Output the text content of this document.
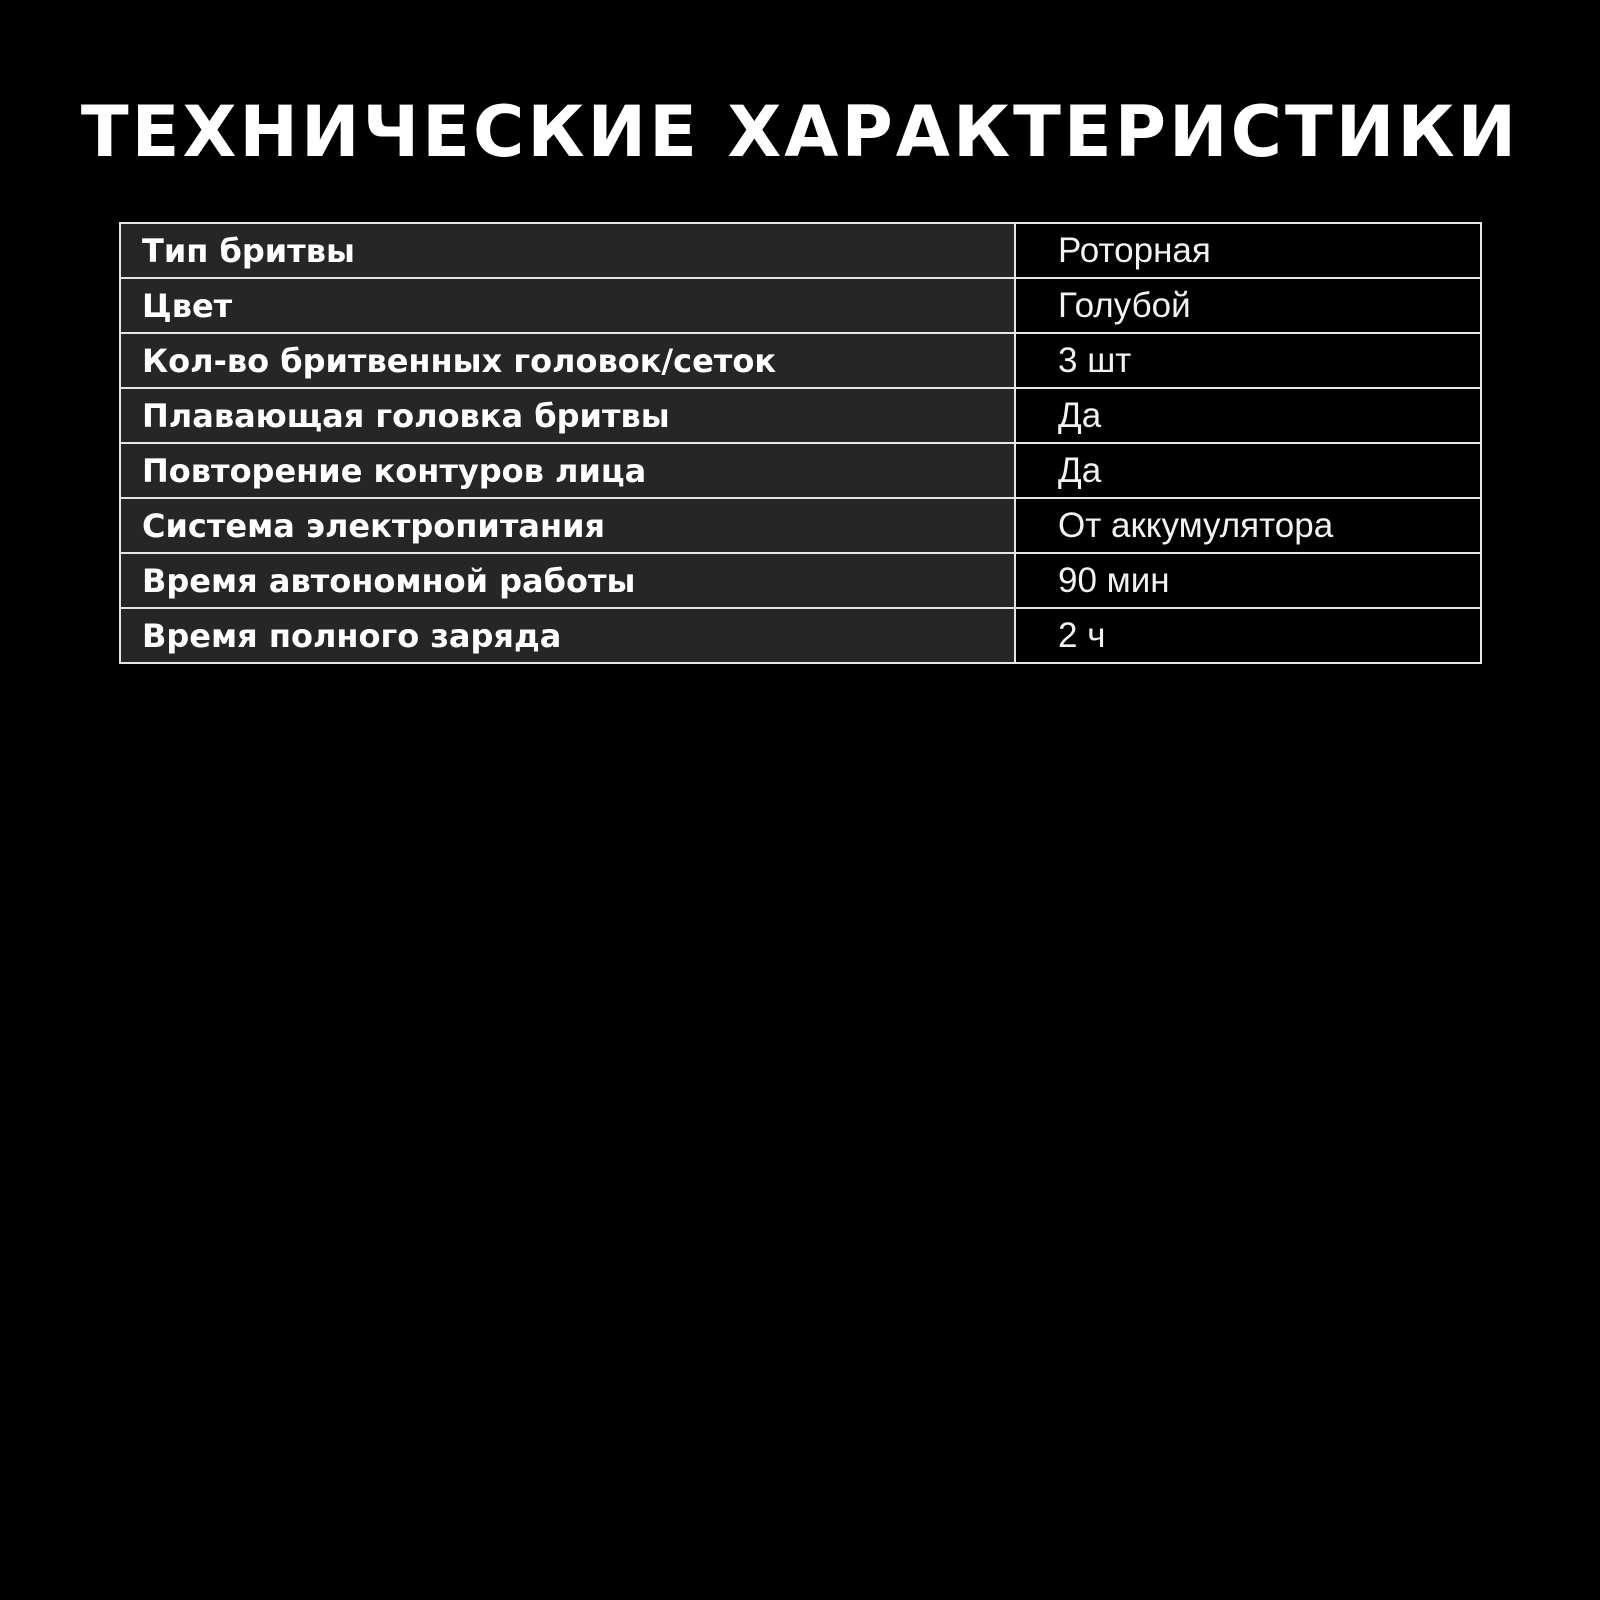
ТЕХНИЧЕСКИЕ ХАРАКТЕРИСТИКИ
Тип бритвы	Роторная
Цвет	Голубой
Кол-во бритвенных головок/сеток	3 шт
Плавающая головка бритвы	Да
Повторение контуров лица	Да
Система электропитания	От аккумулятора
Время автономной работы	90 мин
Время полного заряда	2 ч
